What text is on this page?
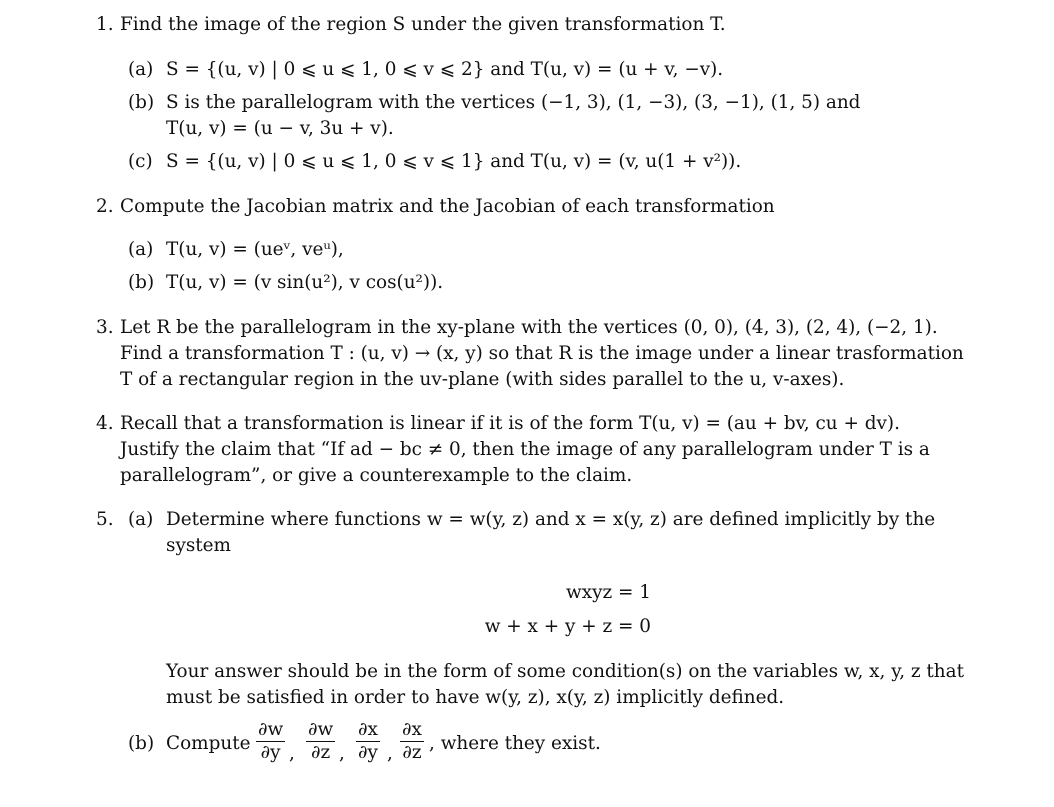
1. Find the image of the region S under the given transformation T.
(a) S = {(u, v) | 0 ⩽ u ⩽ 1, 0 ⩽ v ⩽ 2} and T(u, v) = (u + v, −v).
(b) S is the parallelogram with the vertices (−1, 3), (1, −3), (3, −1), (1, 5) and
T(u, v) = (u − v, 3u + v).
(c) S = {(u, v) | 0 ⩽ u ⩽ 1, 0 ⩽ v ⩽ 1} and T(u, v) = (v, u(1 + v²)).
2. Compute the Jacobian matrix and the Jacobian of each transformation
(a) T(u, v) = (ueᵛ, veᵘ),
(b) T(u, v) = (v sin(u²), v cos(u²)).
3. Let R be the parallelogram in the xy-plane with the vertices (0, 0), (4, 3), (2, 4), (−2, 1).
Find a transformation T : (u, v) → (x, y) so that R is the image under a linear trasformation
T of a rectangular region in the uv-plane (with sides parallel to the u, v-axes).
4. Recall that a transformation is linear if it is of the form T(u, v) = (au + bv, cu + dv).
Justify the claim that “If ad − bc ≠ 0, then the image of any parallelogram under T is a
parallelogram”, or give a counterexample to the claim.
5. (a) Determine where functions w = w(y, z) and x = x(y, z) are defined implicitly by the
system
wxyz = 1
w + x + y + z = 0
Your answer should be in the form of some condition(s) on the variables w, x, y, z that
must be satisfied in order to have w(y, z), x(y, z) implicitly defined.
(b) Compute $\frac{\partial w}{\partial y}$ , $\frac{\partial w}{\partial z}$ , $\frac{\partial x}{\partial y}$ , $\frac{\partial x}{\partial z}$ , where they exist.
